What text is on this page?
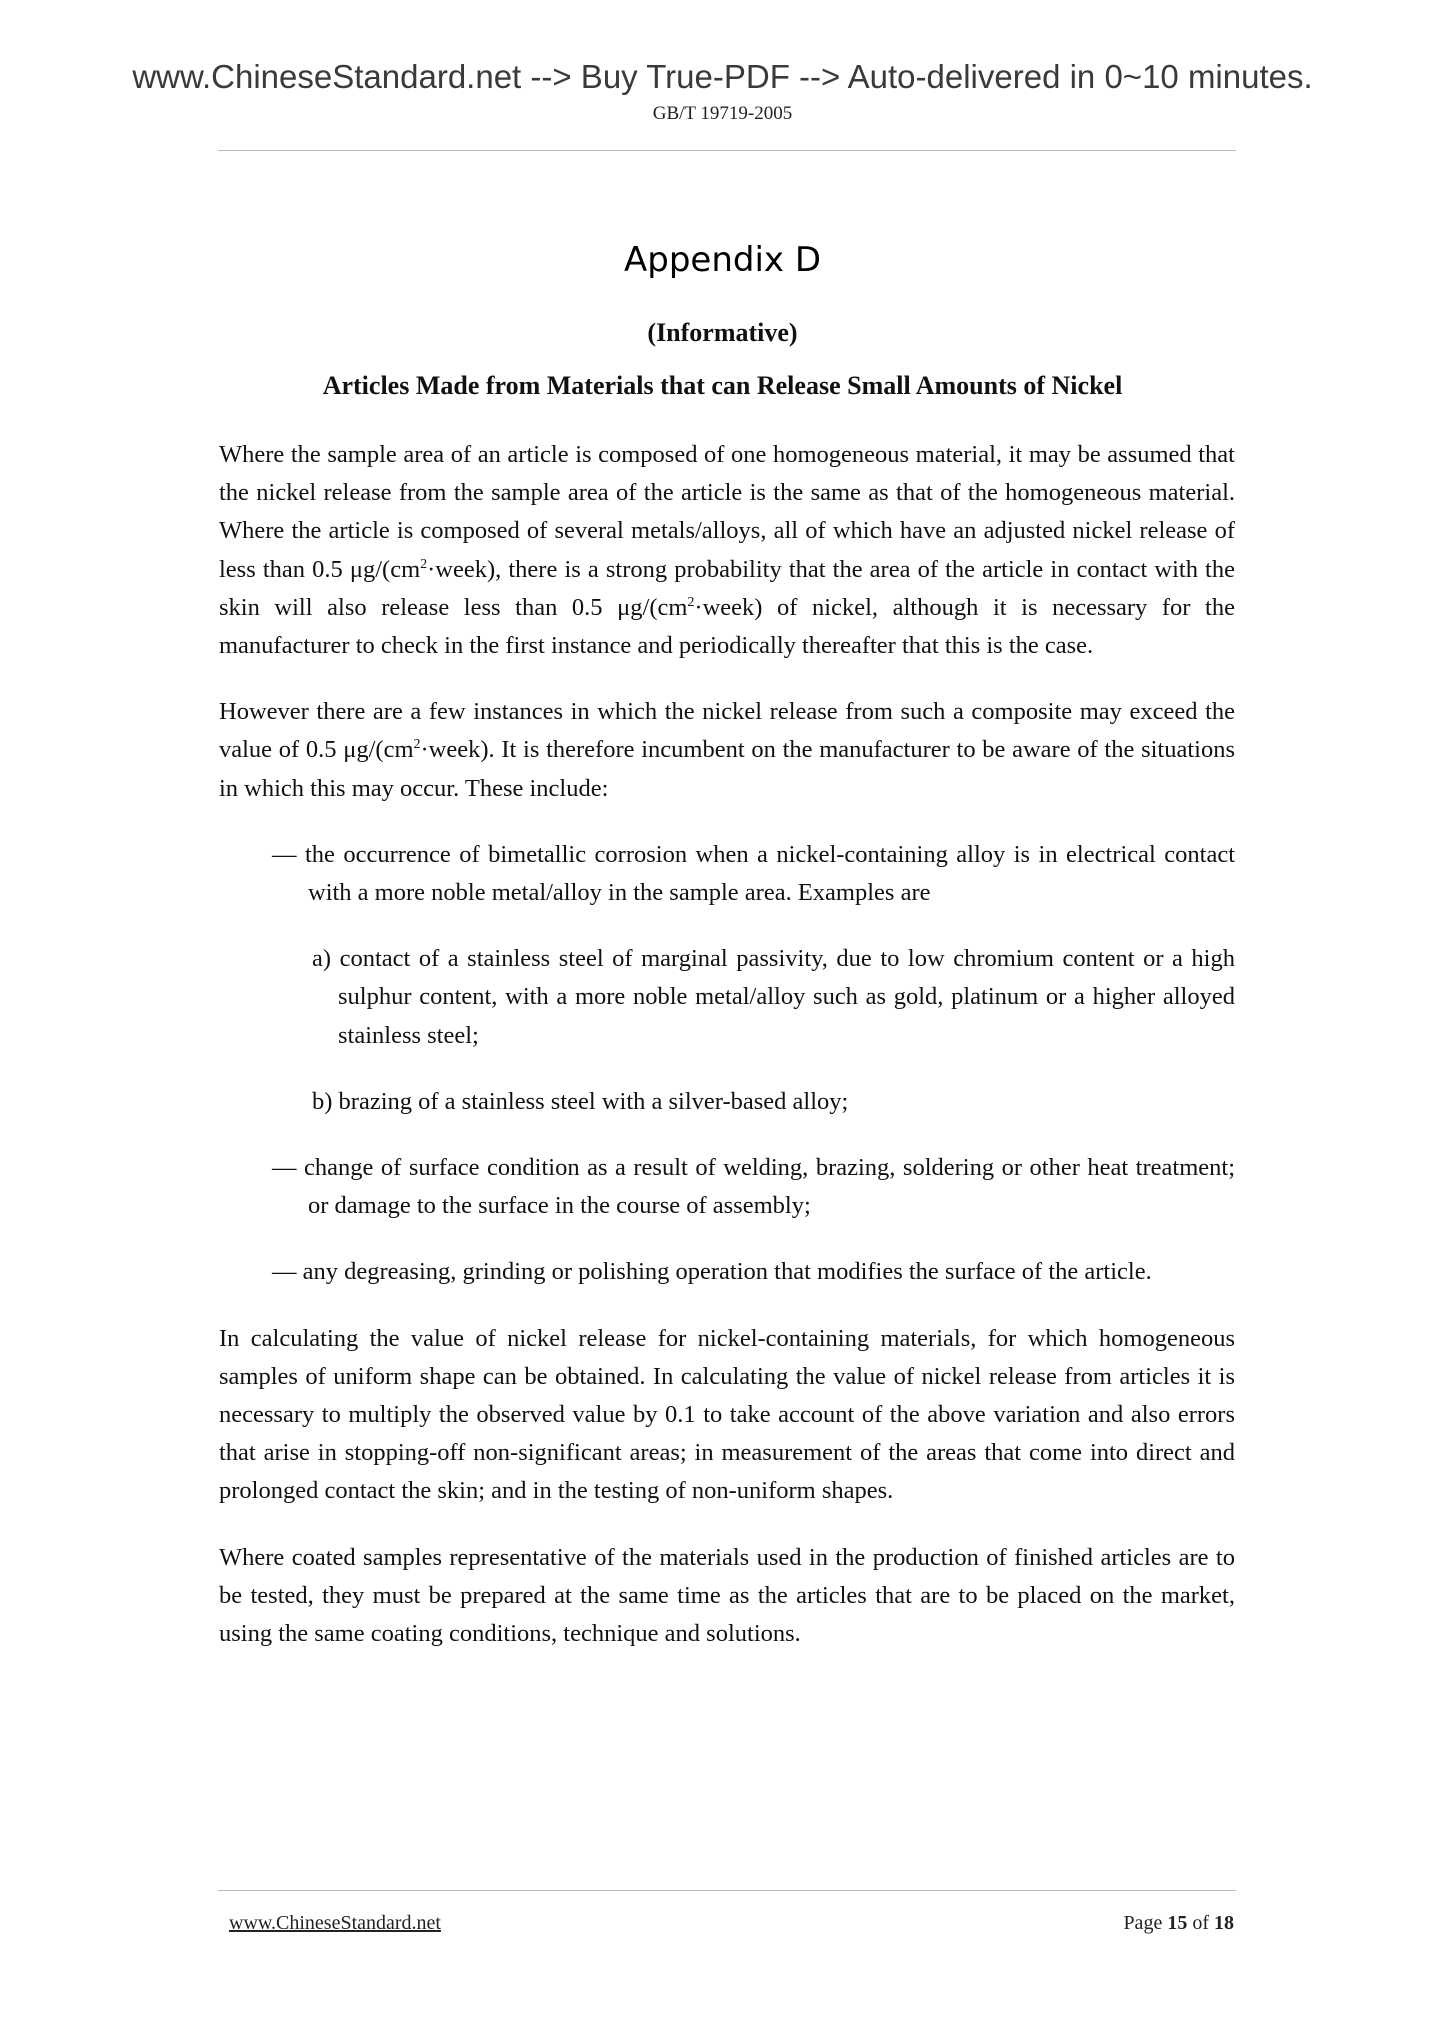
www.ChineseStandard.net --> Buy True-PDF --> Auto-delivered in 0~10 minutes.
GB/T 19719-2005
Appendix D
(Informative)
Articles Made from Materials that can Release Small Amounts of Nickel

Where the sample area of an article is composed of one homogeneous material, it may be assumed that the nickel release from the sample area of the article is the same as that of the homogeneous material. Where the article is composed of several metals/alloys, all of which have an adjusted nickel release of less than 0.5 $\mu g/(cm^2\cdot week)$, there is a strong probability that the area of the article in contact with the skin will also release less than 0.5 $\mu g/(cm^2\cdot week)$ of nickel, although it is necessary for the manufacturer to check in the first instance and periodically thereafter that this is the case.

However there are a few instances in which the nickel release from such a composite may exceed the value of 0.5 $\mu g/(cm^2\cdot week)$. It is therefore incumbent on the manufacturer to be aware of the situations in which this may occur. These include:

— the occurrence of bimetallic corrosion when a nickel-containing alloy is in electrical contact with a more noble metal/alloy in the sample area. Examples are
a) contact of a stainless steel of marginal passivity, due to low chromium content or a high sulphur content, with a more noble metal/alloy such as gold, platinum or a higher alloyed stainless steel;
b) brazing of a stainless steel with a silver-based alloy;
— change of surface condition as a result of welding, brazing, soldering or other heat treatment; or damage to the surface in the course of assembly;
— any degreasing, grinding or polishing operation that modifies the surface of the article.

In calculating the value of nickel release for nickel-containing materials, for which homogeneous samples of uniform shape can be obtained. In calculating the value of nickel release from articles it is necessary to multiply the observed value by 0.1 to take account of the above variation and also errors that arise in stopping-off non-significant areas; in measurement of the areas that come into direct and prolonged contact the skin; and in the testing of non-uniform shapes.

Where coated samples representative of the materials used in the production of finished articles are to be tested, they must be prepared at the same time as the articles that are to be placed on the market, using the same coating conditions, technique and solutions.

www.ChineseStandard.net	Page 15 of 18
